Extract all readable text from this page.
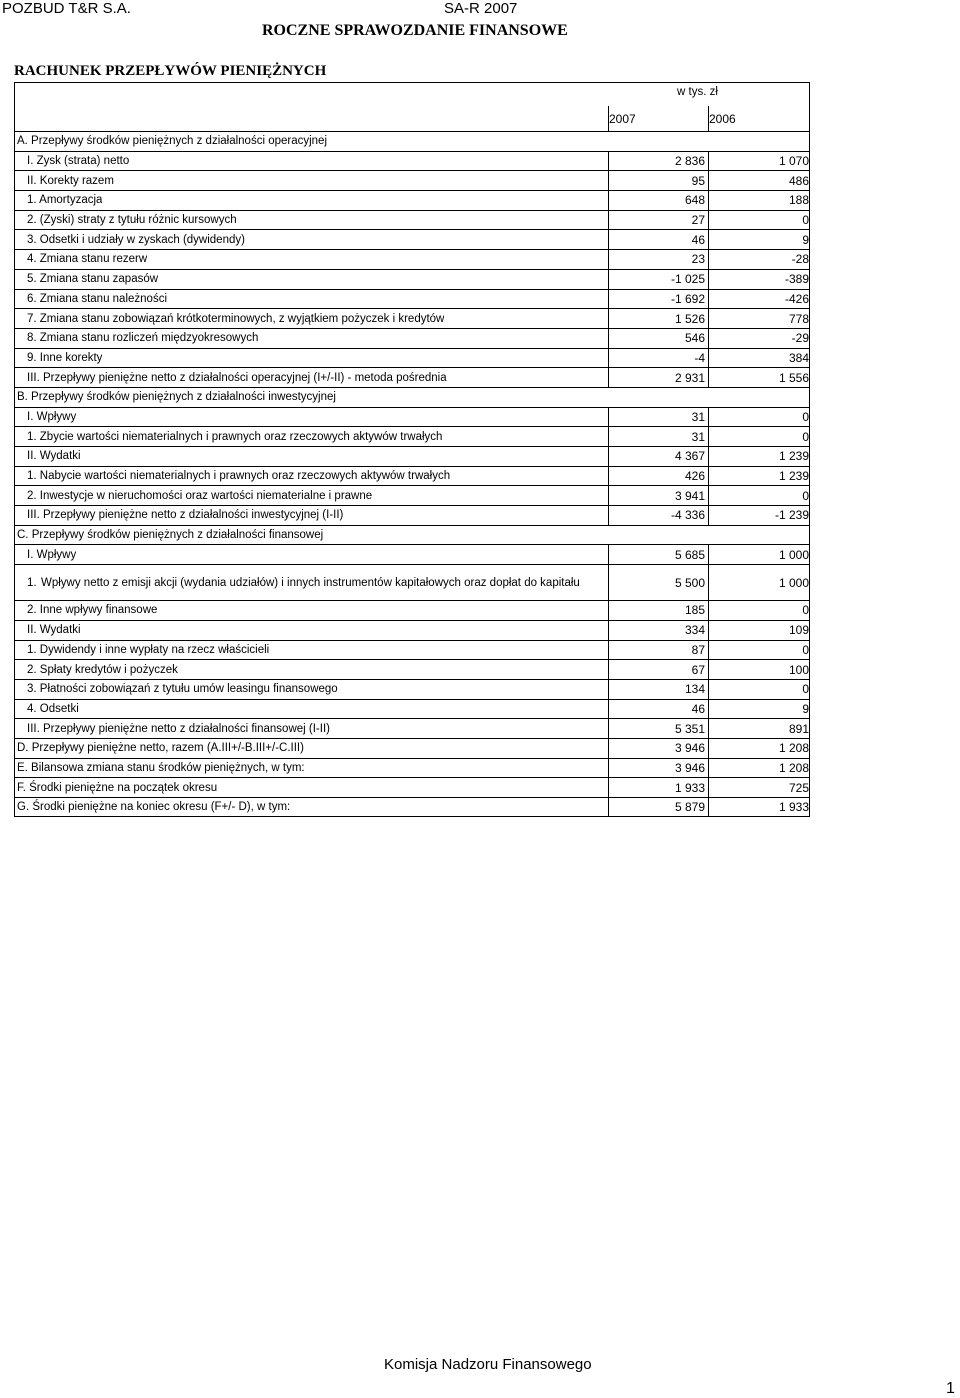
POZBUD T&R S.A.	SA-R 2007
ROCZNE SPRAWOZDANIE FINANSOWE
RACHUNEK PRZEPŁYWÓW PIENIĘŻNYCH
w tys. zł
2007	2006
A. Przepływy środków pieniężnych z działalności operacyjnej
I. Zysk (strata) netto	2 836	1 070
II. Korekty razem	95	486
1. Amortyzacja	648	188
2. (Zyski) straty z tytułu różnic kursowych	27	0
3. Odsetki i udziały w zyskach (dywidendy)	46	9
4. Zmiana stanu rezerw	23	-28
5. Zmiana stanu zapasów	-1 025	-389
6. Zmiana stanu należności	-1 692	-426
7. Zmiana stanu zobowiązań krótkoterminowych, z wyjątkiem pożyczek i kredytów	1 526	778
8. Zmiana stanu rozliczeń międzyokresowych	546	-29
9. Inne korekty	-4	384
III. Przepływy pieniężne netto z działalności operacyjnej (I+/-II) - metoda pośrednia	2 931	1 556
B. Przepływy środków pieniężnych z działalności inwestycyjnej
I. Wpływy	31	0
1. Zbycie wartości niematerialnych i prawnych oraz rzeczowych aktywów trwałych	31	0
II. Wydatki	4 367	1 239
1. Nabycie wartości niematerialnych i prawnych oraz rzeczowych aktywów trwałych	426	1 239
2. Inwestycje w nieruchomości oraz wartości niematerialne i prawne	3 941	0
III. Przepływy pieniężne netto z działalności inwestycyjnej (I-II)	-4 336	-1 239
C. Przepływy środków pieniężnych z działalności finansowej
I. Wpływy	5 685	1 000
1. Wpływy netto z emisji akcji (wydania udziałów) i innych instrumentów kapitałowych oraz dopłat do kapitału	5 500	1 000
2. Inne wpływy finansowe	185	0
II. Wydatki	334	109
1. Dywidendy i inne wypłaty na rzecz właścicieli	87	0
2. Spłaty kredytów i pożyczek	67	100
3. Płatności zobowiązań z tytułu umów leasingu finansowego	134	0
4. Odsetki	46	9
III. Przepływy pieniężne netto z działalności finansowej (I-II)	5 351	891
D. Przepływy pieniężne netto, razem (A.III+/-B.III+/-C.III)	3 946	1 208
E. Bilansowa zmiana stanu środków pieniężnych, w tym:	3 946	1 208
F. Środki pieniężne na początek okresu	1 933	725
G. Środki pieniężne na koniec okresu (F+/- D), w tym:	5 879	1 933
Komisja Nadzoru Finansowego
1
